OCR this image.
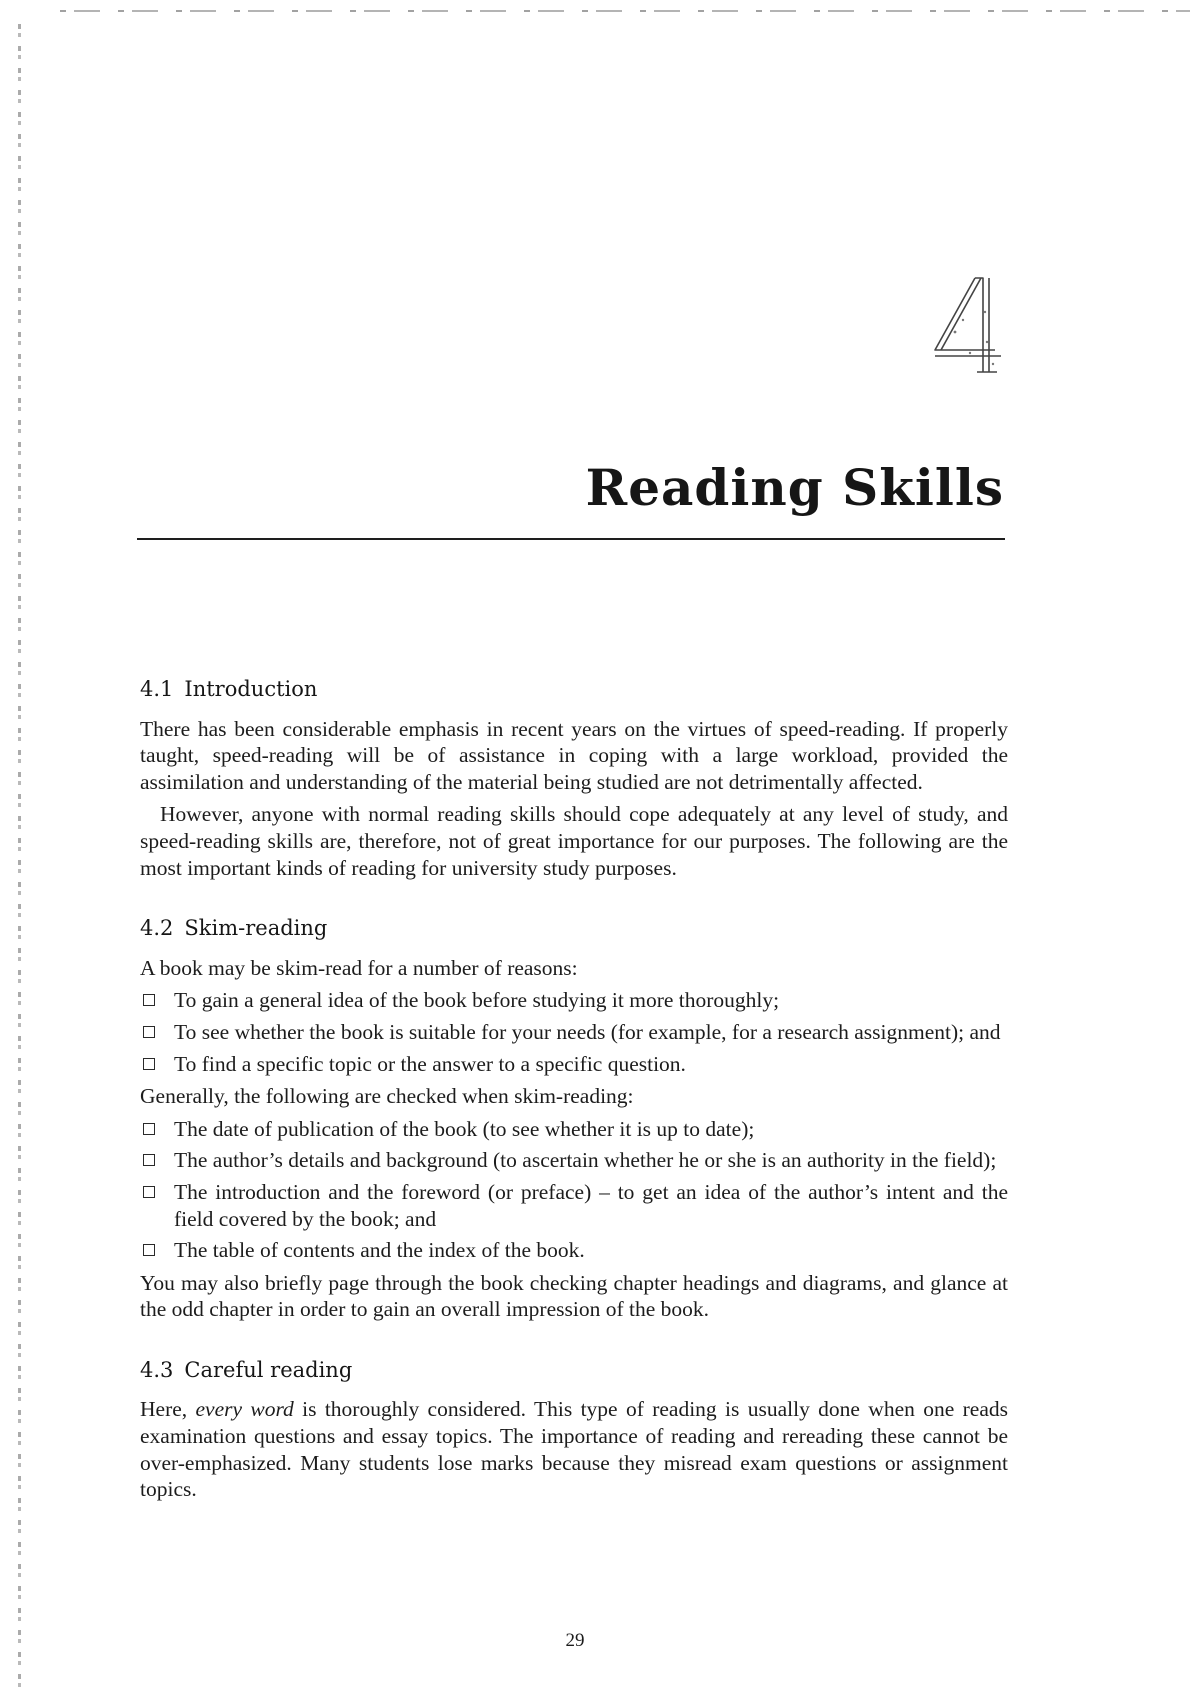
Reading Skills
4.1 Introduction

There has been considerable emphasis in recent years on the virtues of speed-reading. If properly taught, speed-reading will be of assistance in coping with a large workload, provided the assimilation and understanding of the material being studied are not detrimentally affected.

However, anyone with normal reading skills should cope adequately at any level of study, and speed-reading skills are, therefore, not of great importance for our purposes. The following are the most important kinds of reading for university study purposes.

4.2 Skim-reading

A book may be skim-read for a number of reasons:

To gain a general idea of the book before studying it more thoroughly;
To see whether the book is suitable for your needs (for example, for a research assignment); and
To find a specific topic or the answer to a specific question.

Generally, the following are checked when skim-reading:

The date of publication of the book (to see whether it is up to date);
The author’s details and background (to ascertain whether he or she is an authority in the field);
The introduction and the foreword (or preface) – to get an idea of the author’s intent and the field covered by the book; and
The table of contents and the index of the book.

You may also briefly page through the book checking chapter headings and diagrams, and glance at the odd chapter in order to gain an overall impression of the book.

4.3 Careful reading

Here, every word is thoroughly considered. This type of reading is usually done when one reads examination questions and essay topics. The importance of reading and rereading these cannot be over-emphasized. Many students lose marks because they misread exam questions or assignment topics.

29
